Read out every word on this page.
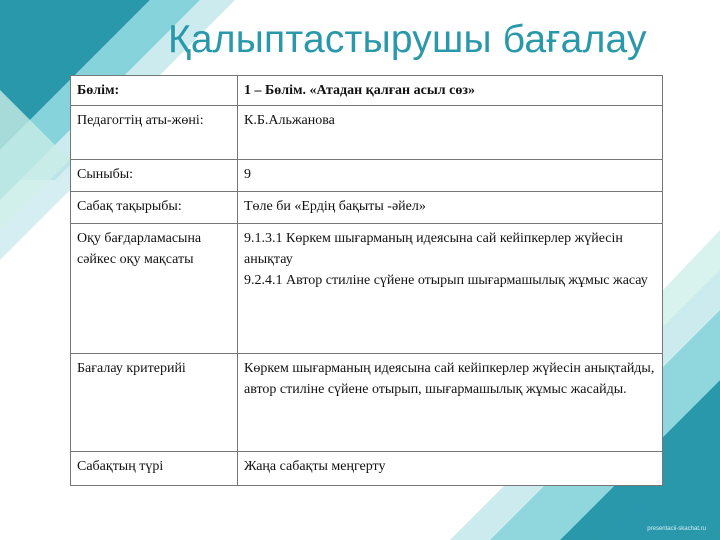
Қалыптастырушы бағалау
Бөлім:	1 – Бөлім. «Атадан қалған асыл сөз»
Педагогтің аты-жөні:	К.Б.Альжанова
Сыныбы:	9
Сабақ тақырыбы:	Төле би «Ердің бақыты -әйел»
Оқу бағдарламасына сәйкес оқу мақсаты	9.1.3.1 Көркем шығарманың идеясына сай кейіпкерлер жүйесін анықтау
9.2.4.1 Автор стиліне сүйене отырып шығармашылық жұмыс жасау

Бағалау критерийі	Көркем шығарманың идеясына сай кейіпкерлер жүйесін анықтайды, автор стиліне сүйене отырып, шығармашылық жұмыс жасайды.
Сабақтың түрі	Жаңа сабақты меңгерту
presentacii-skachat.ru
